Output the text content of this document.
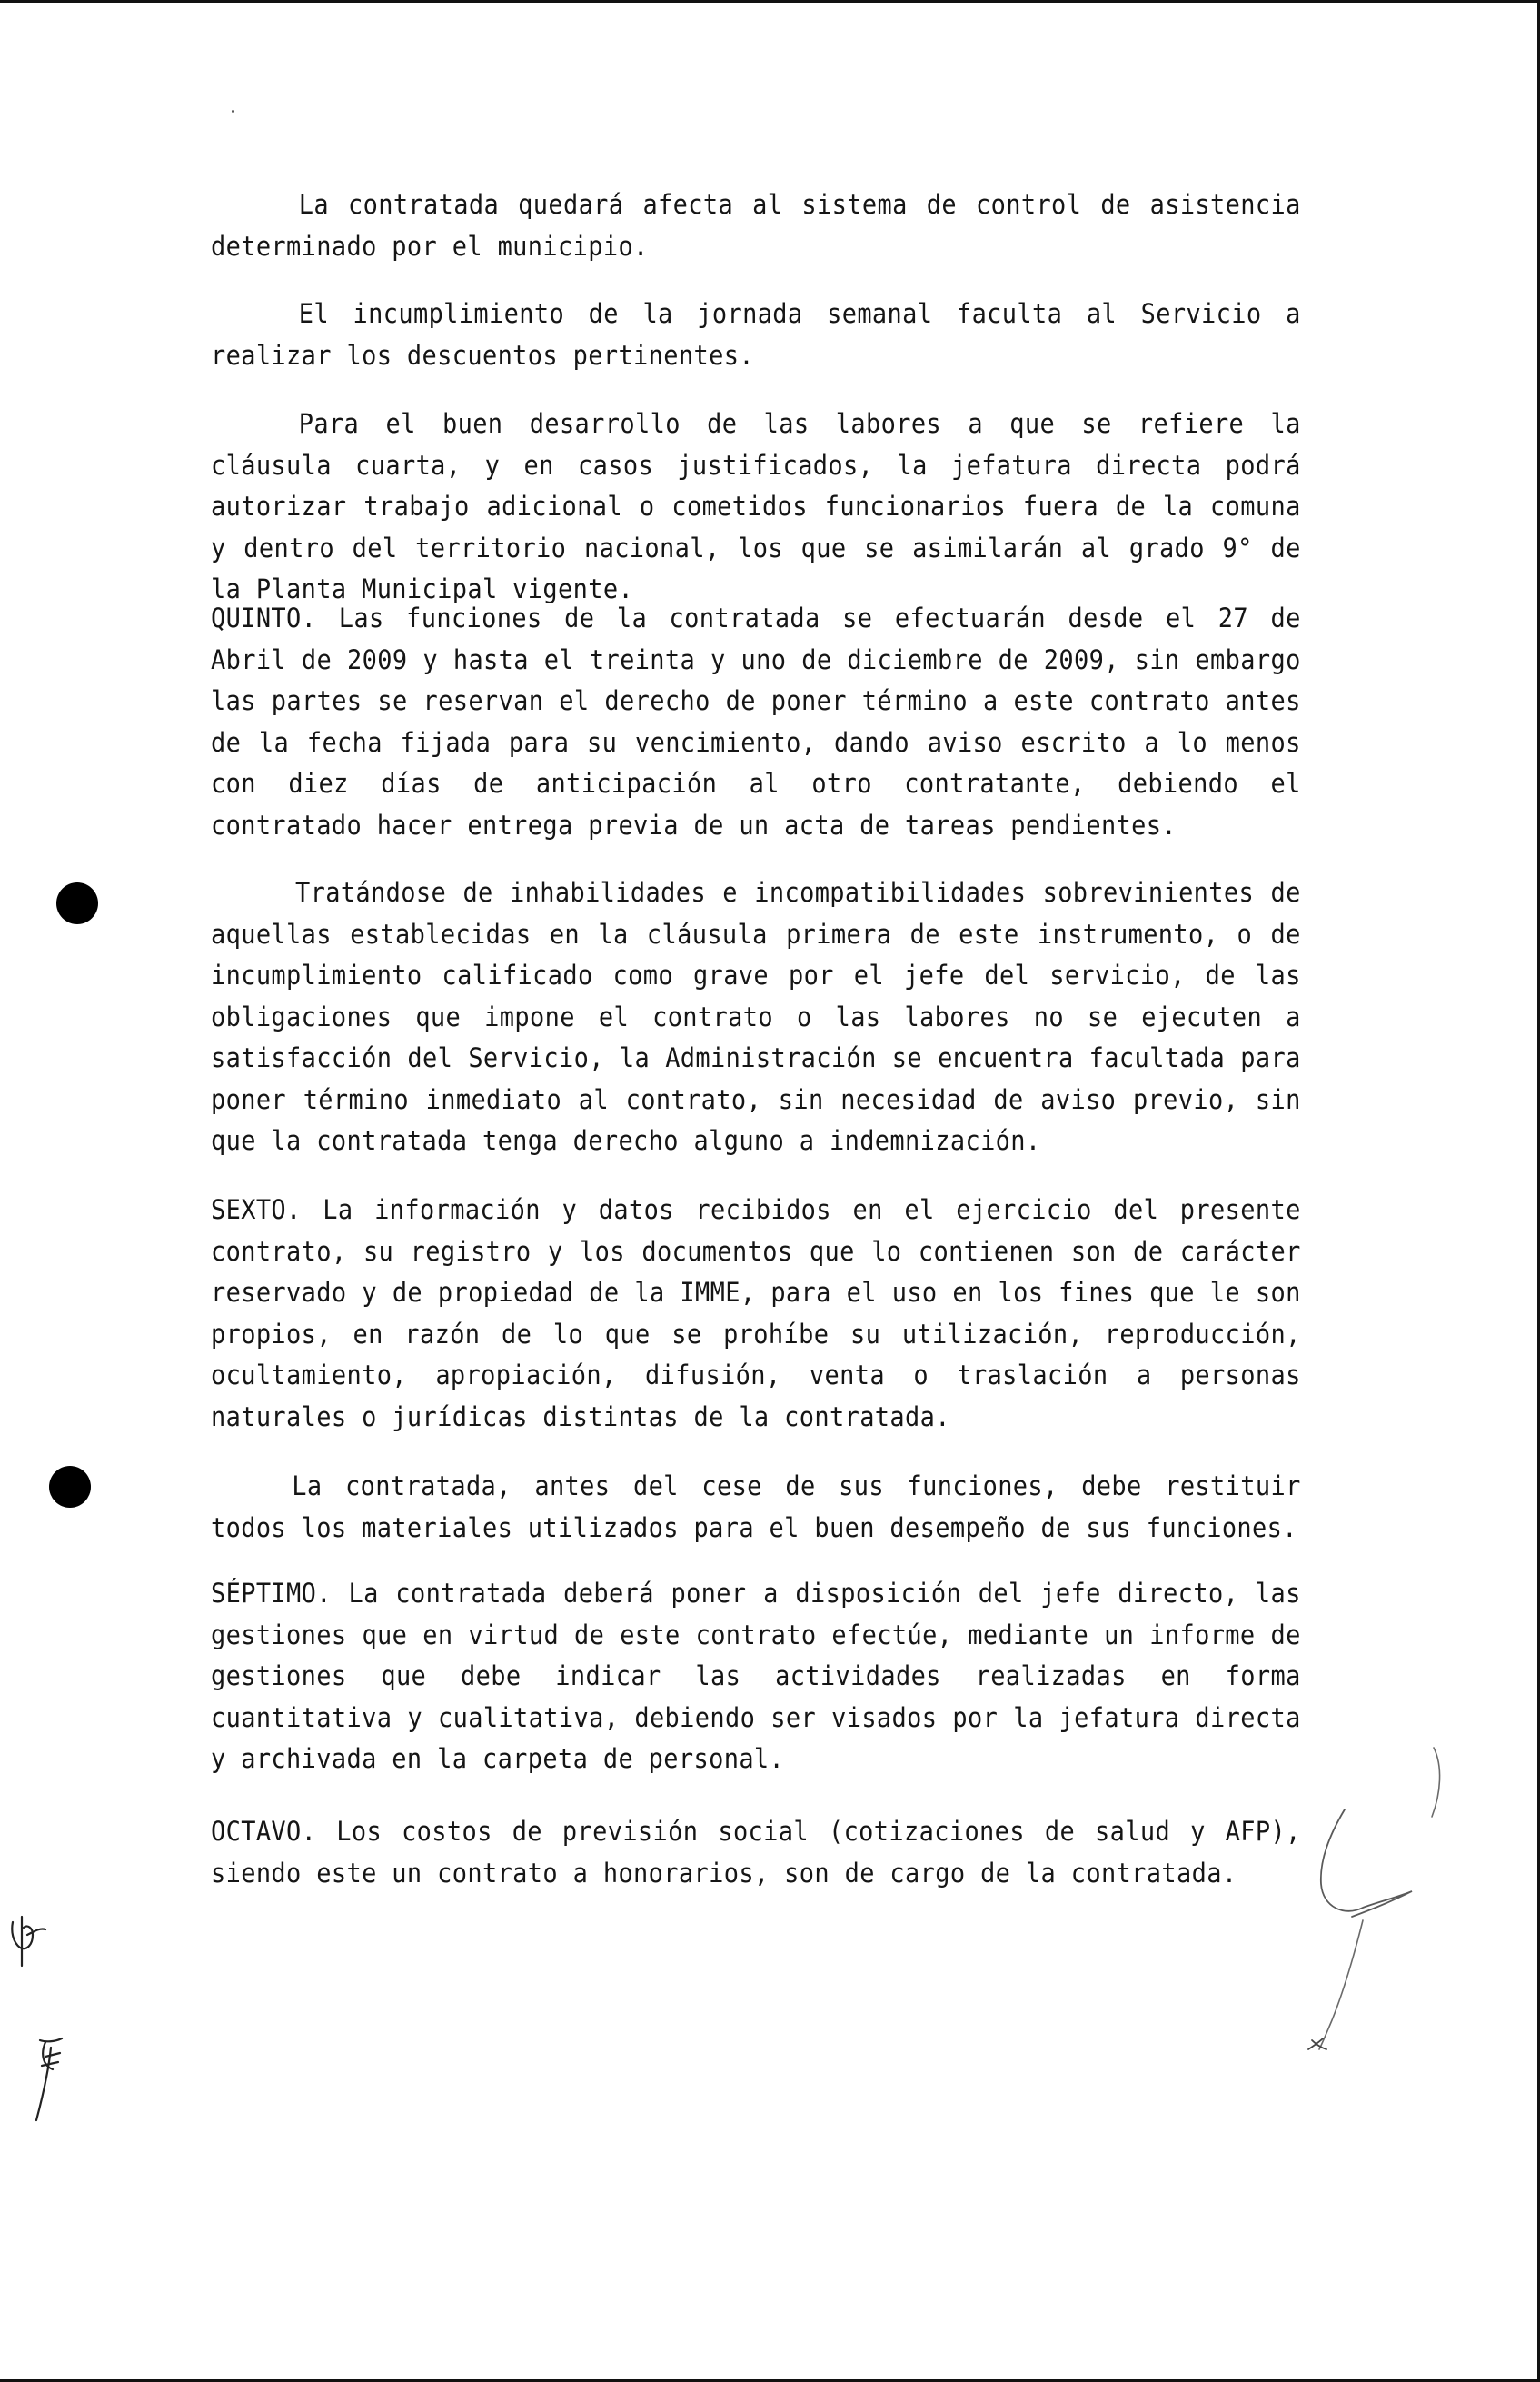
La contratada quedará afecta al sistema de control de asistencia determinado por el municipio.

El incumplimiento de la jornada semanal faculta al Servicio a realizar los descuentos pertinentes.

Para el buen desarrollo de las labores a que se refiere la cláusula cuarta, y en casos justificados, la jefatura directa podrá autorizar trabajo adicional o cometidos funcionarios fuera de la comuna y dentro del territorio nacional, los que se asimilarán al grado 9° de la Planta Municipal vigente.

QUINTO. Las funciones de la contratada se efectuarán desde el 27 de Abril de 2009 y hasta el treinta y uno de diciembre de 2009, sin embargo las partes se reservan el derecho de poner término a este contrato antes de la fecha fijada para su vencimiento, dando aviso escrito a lo menos con diez días de anticipación al otro contratante, debiendo el contratado hacer entrega previa de un acta de tareas pendientes.

Tratándose de inhabilidades e incompatibilidades sobrevinientes de aquellas establecidas en la cláusula primera de este instrumento, o de incumplimiento calificado como grave por el jefe del servicio, de las obligaciones que impone el contrato o las labores no se ejecuten a satisfacción del Servicio, la Administración se encuentra facultada para poner término inmediato al contrato, sin necesidad de aviso previo, sin que la contratada tenga derecho alguno a indemnización.

SEXTO. La información y datos recibidos en el ejercicio del presente contrato, su registro y los documentos que lo contienen son de carácter reservado y de propiedad de la IMME, para el uso en los fines que le son propios, en razón de lo que se prohíbe su utilización, reproducción, ocultamiento, apropiación, difusión, venta o traslación a personas naturales o jurídicas distintas de la contratada.

La contratada, antes del cese de sus funciones, debe restituir todos los materiales utilizados para el buen desempeño de sus funciones.

SÉPTIMO. La contratada deberá poner a disposición del jefe directo, las gestiones que en virtud de este contrato efectúe, mediante un informe de gestiones que debe indicar las actividades realizadas en forma cuantitativa y cualitativa, debiendo ser visados por la jefatura directa y archivada en la carpeta de personal.

OCTAVO. Los costos de previsión social (cotizaciones de salud y AFP), siendo este un contrato a honorarios, son de cargo de la contratada.
